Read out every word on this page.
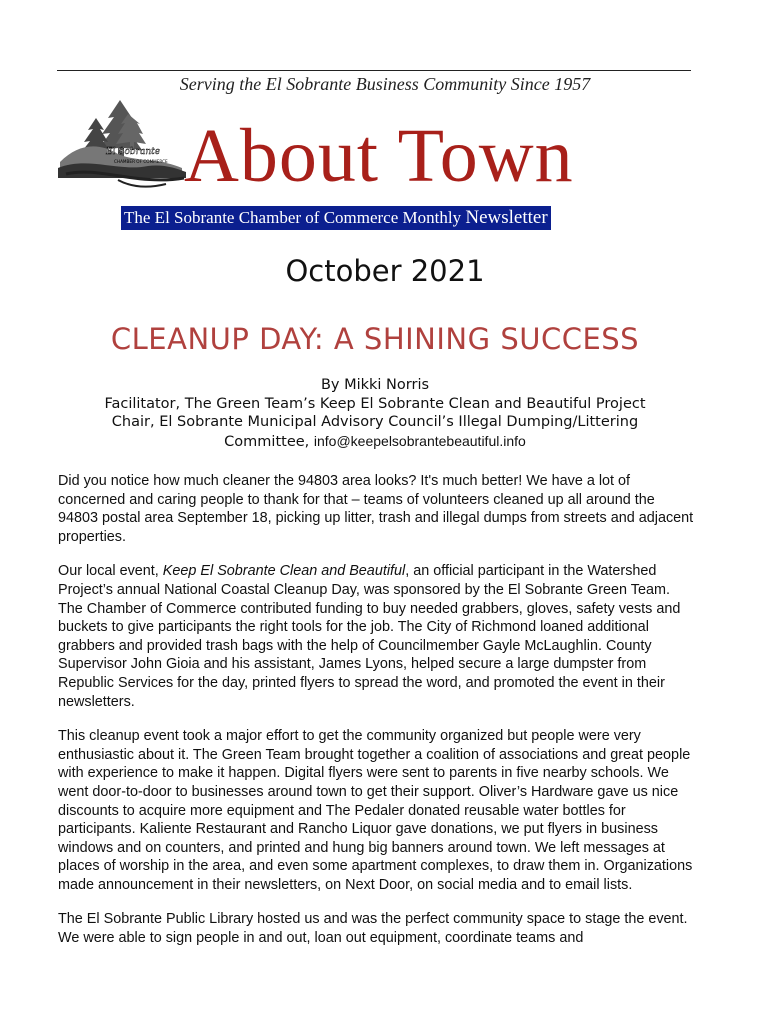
Serving the El Sobrante Business Community Since 1957
El Sobrante
CHAMBER OF COMMERCE About Town
The El Sobrante Chamber of Commerce Monthly Newsletter
October 2021
CLEANUP DAY: A SHINING SUCCESS
By Mikki Norris
Facilitator, The Green Team’s Keep El Sobrante Clean and Beautiful Project
Chair, El Sobrante Municipal Advisory Council’s Illegal Dumping/Littering
Committee, info@keepelsobrantebeautiful.info

Did you notice how much cleaner the 94803 area looks? It's much better! We have a lot of concerned and caring people to thank for that – teams of volunteers cleaned up all around the 94803 postal area September 18, picking up litter, trash and illegal dumps from streets and adjacent properties.

Our local event, Keep El Sobrante Clean and Beautiful, an official participant in the Watershed Project’s annual National Coastal Cleanup Day, was sponsored by the El Sobrante Green Team. The Chamber of Commerce contributed funding to buy needed grabbers, gloves, safety vests and buckets to give participants the right tools for the job. The City of Richmond loaned additional grabbers and provided trash bags with the help of Councilmember Gayle McLaughlin. County Supervisor John Gioia and his assistant, James Lyons, helped secure a large dumpster from Republic Services for the day, printed flyers to spread the word, and promoted the event in their newsletters.

This cleanup event took a major effort to get the community organized but people were very enthusiastic about it. The Green Team brought together a coalition of associations and great people with experience to make it happen. Digital flyers were sent to parents in five nearby schools. We went door-to-door to businesses around town to get their support. Oliver’s Hardware gave us nice discounts to acquire more equipment and The Pedaler donated reusable water bottles for participants. Kaliente Restaurant and Rancho Liquor gave donations, we put flyers in business windows and on counters, and printed and hung big banners around town. We left messages at places of worship in the area, and even some apartment complexes, to draw them in. Organizations made announcement in their newsletters, on Next Door, on social media and to email lists.

The El Sobrante Public Library hosted us and was the perfect community space to stage the event. We were able to sign people in and out, loan out equipment, coordinate teams and
